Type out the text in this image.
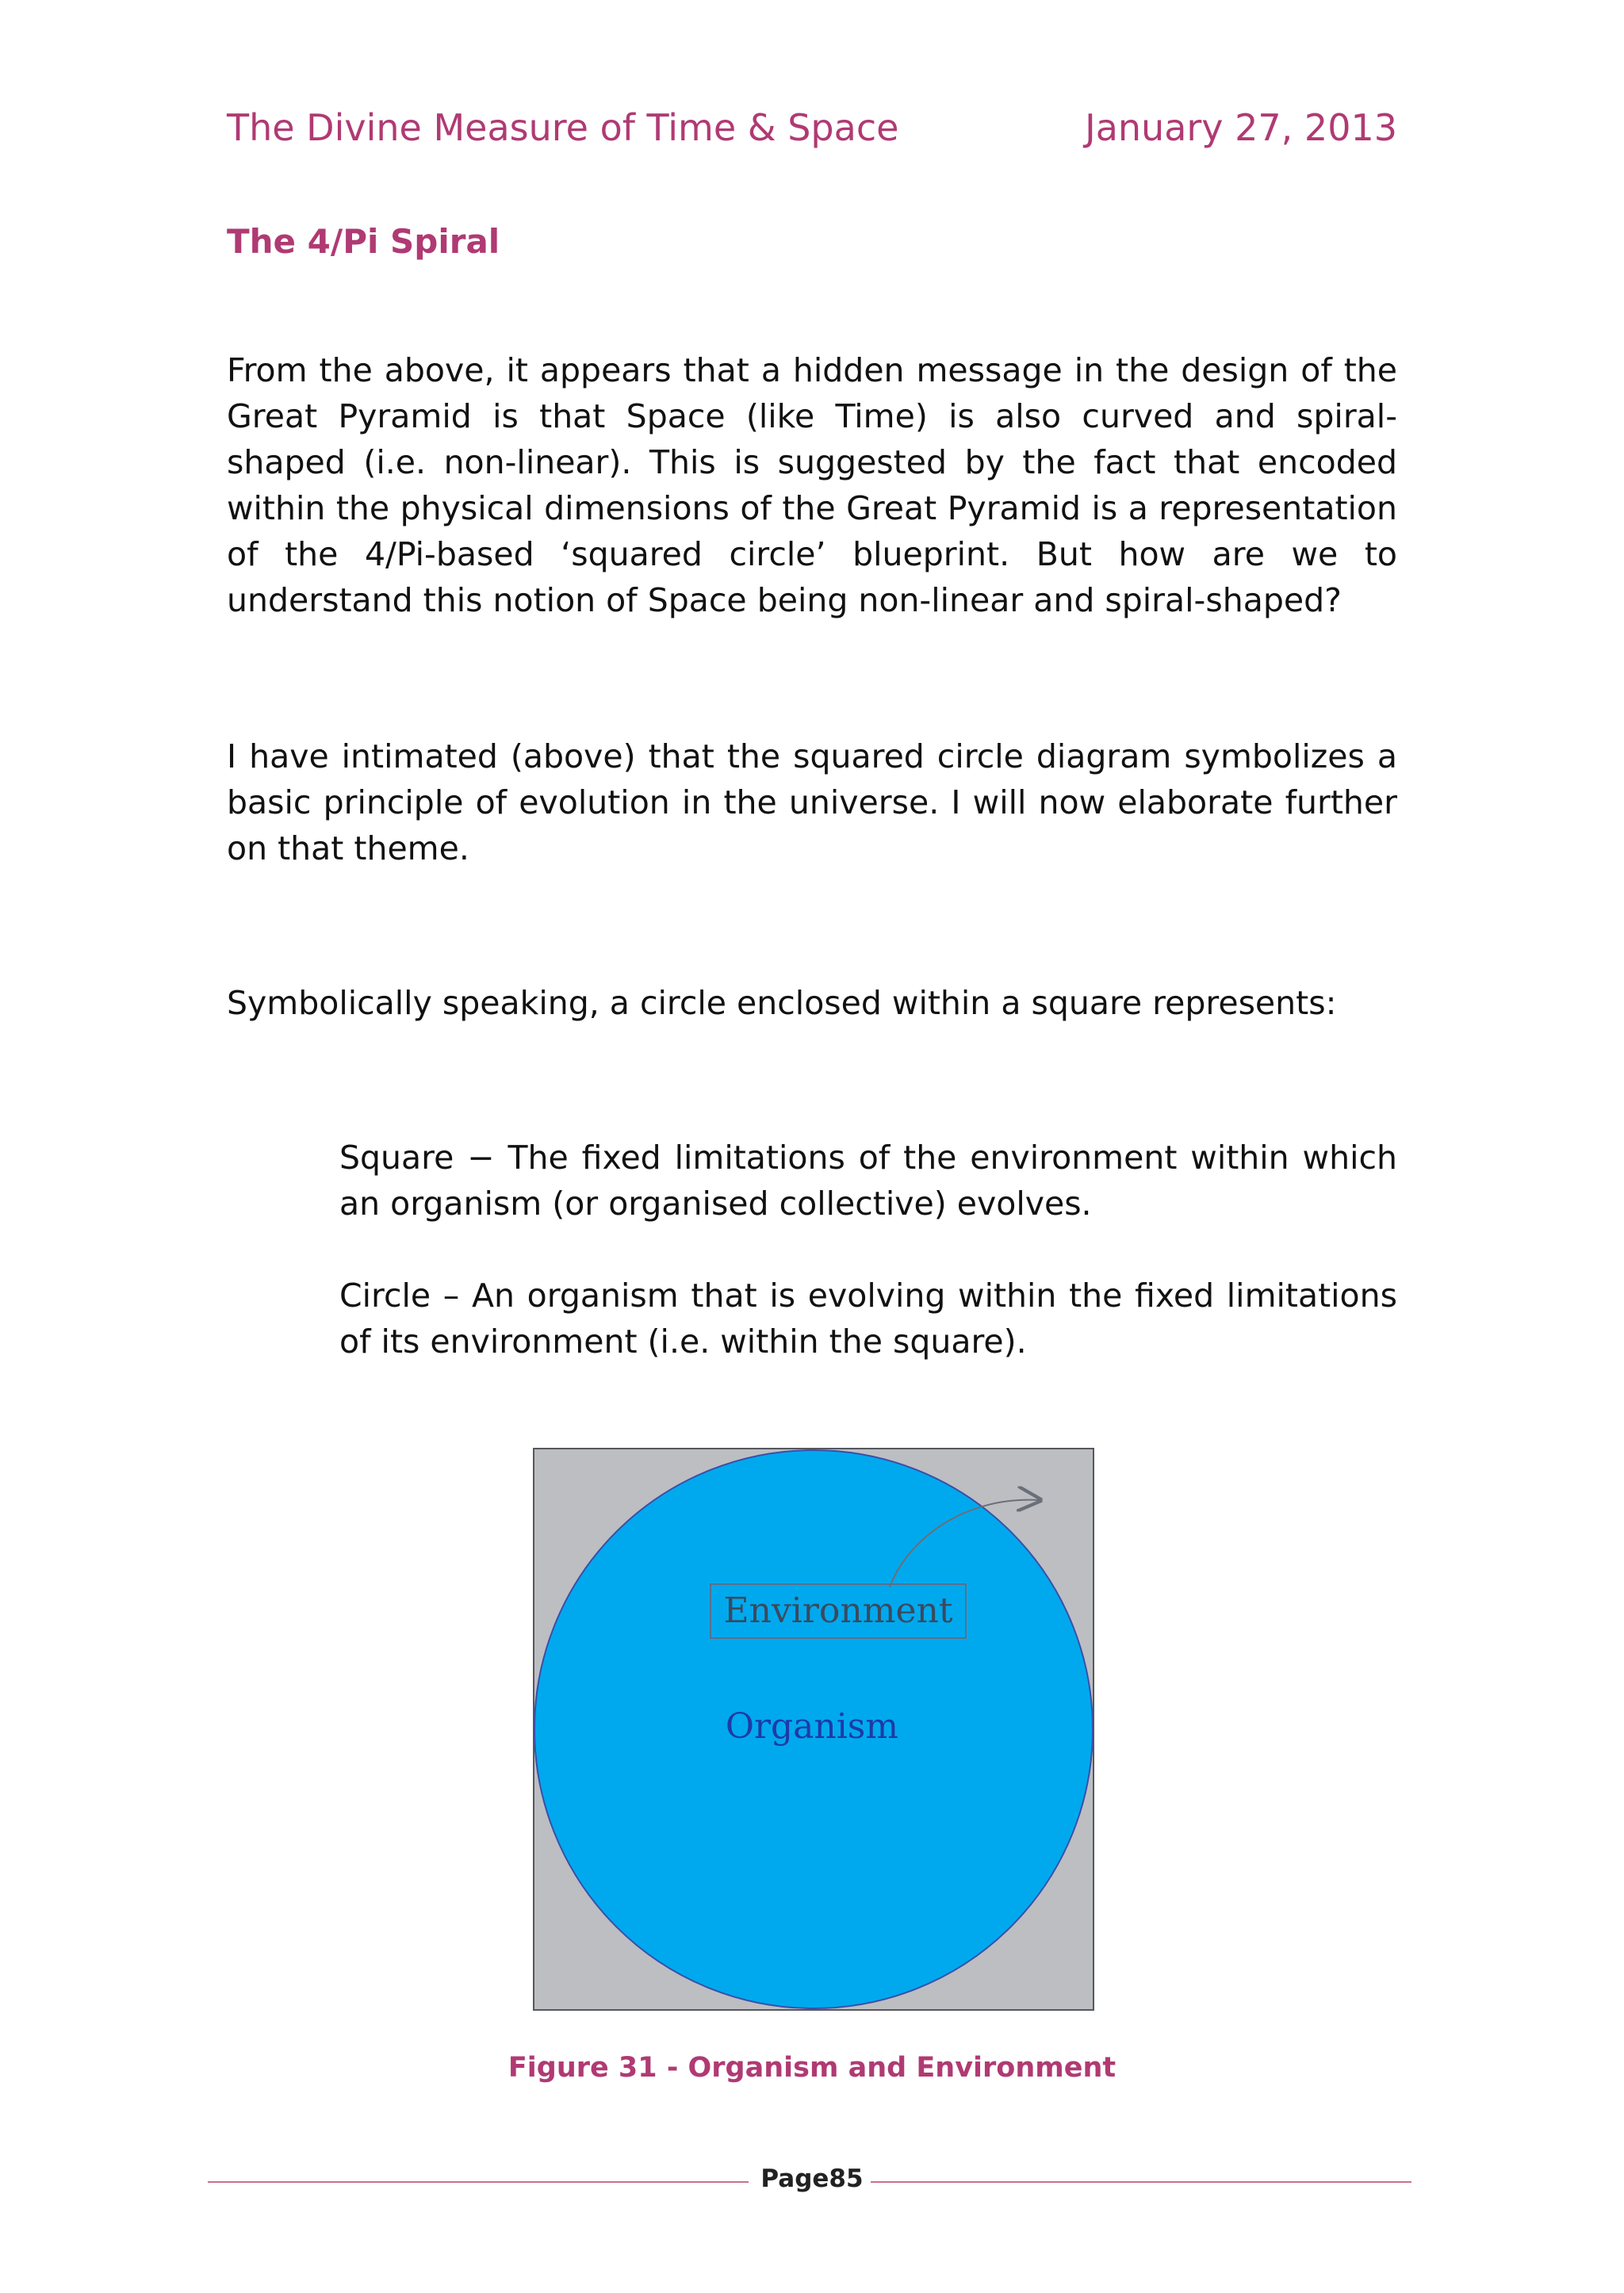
The Divine Measure of Time & Space	January 27, 2013
The 4/Pi Spiral
From the above, it appears that a hidden message in the design of the Great Pyramid is that Space (like Time) is also curved and spiral-shaped (i.e. non-linear). This is suggested by the fact that encoded within the physical dimensions of the Great Pyramid is a representation of the 4/Pi-based ‘squared circle’ blueprint. But how are we to understand this notion of Space being non-linear and spiral-shaped?
I have intimated (above) that the squared circle diagram symbolizes a basic principle of evolution in the universe. I will now elaborate further on that theme.
Symbolically speaking, a circle enclosed within a square represents:
Square − The fixed limitations of the environment within which an organism (or organised collective) evolves.
Circle – An organism that is evolving within the fixed limitations of its environment (i.e. within the square).
Environment
Organism
Figure 31 - Organism and Environment
Page85
